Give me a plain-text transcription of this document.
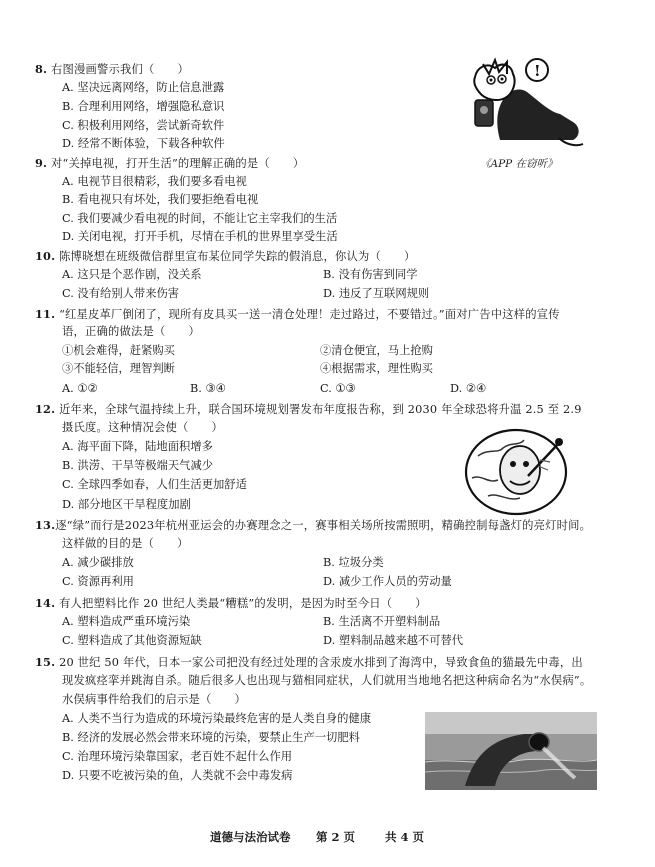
8. 右图漫画警示我们（　　）
A. 坚决远离网络，防止信息泄露
B. 合理利用网络，增强隐私意识
C. 积极利用网络，尝试新奇软件
D. 经常不断体验，下载各种软件
!
《APP 在窃听》
9. 对“关掉电视，打开生活”的理解正确的是（　　）
A. 电视节目很精彩，我们要多看电视
B. 看电视只有坏处，我们要拒绝看电视
C. 我们要减少看电视的时间，不能让它主宰我们的生活
D. 关闭电视，打开手机，尽情在手机的世界里享受生活
10. 陈博晓想在班级微信群里宣布某位同学失踪的假消息，你认为（　　）
A. 这只是个恶作剧，没关系	B. 没有伤害到同学
C. 没有给别人带来伤害	D. 违反了互联网规则
11. “红星皮革厂倒闭了，现所有皮具买一送一清仓处理！走过路过，不要错过。”面对广告中这样的宣传
语，正确的做法是（　　）
①机会难得，赶紧购买	②清仓便宜，马上抢购
③不能轻信，理智判断	④根据需求，理性购买
A. ①②	B. ③④	C. ①③	D. ②④
12. 近年来，全球气温持续上升，联合国环境规划署发布年度报告称，到 2030 年全球恐将升温 2.5 至 2.9
摄氏度。这种情况会使（　　）
A. 海平面下降，陆地面积增多
B. 洪涝、干旱等极端天气减少
C. 全球四季如春，人们生活更加舒适
D. 部分地区干旱程度加剧
13.逐“绿”而行是2023年杭州亚运会的办赛理念之一，赛事相关场所按需照明，精确控制每盏灯的亮灯时间。
这样做的目的是（　　）
A. 减少碳排放	B. 垃圾分类
C. 资源再利用	D. 减少工作人员的劳动量
14. 有人把塑料比作 20 世纪人类最“糟糕”的发明，是因为时至今日（　　）
A. 塑料造成严重环境污染	B. 生活离不开塑料制品
C. 塑料造成了其他资源短缺	D. 塑料制品越来越不可替代
15. 20 世纪 50 年代，日本一家公司把没有经过处理的含汞废水排到了海湾中，导致食鱼的猫最先中毒，出
现发疯痉挛并跳海自杀。随后很多人也出现与猫相同症状，人们就用当地地名把这种病命名为“水俣病”。
水俣病事件给我们的启示是（　　）
A. 人类不当行为造成的环境污染最终危害的是人类自身的健康
B. 经济的发展必然会带来环境的污染，要禁止生产一切肥料
C. 治理环境污染靠国家，老百姓不起什么作用
D. 只要不吃被污染的鱼，人类就不会中毒发病
道德与法治试卷 第 2 页	共 4 页
